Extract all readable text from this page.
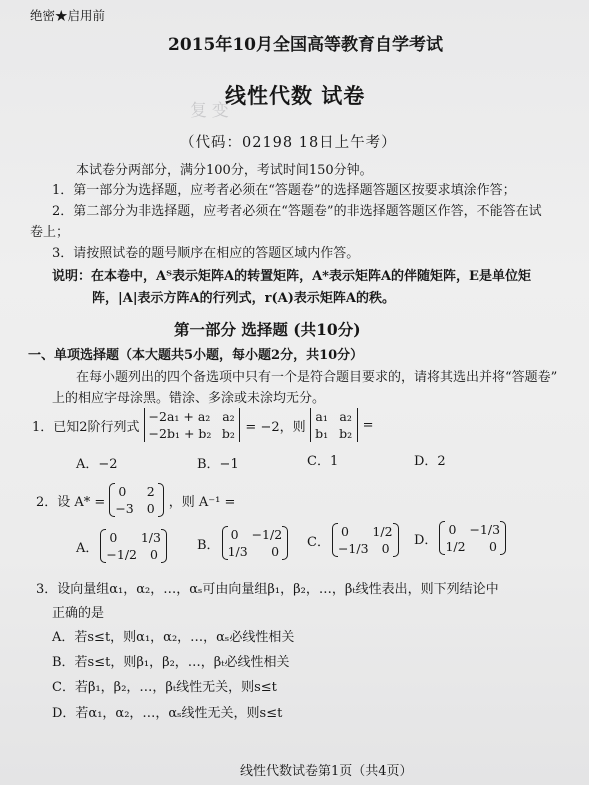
复 变
绝密★启用前
2015年10月全国高等教育自学考试
线性代数 试卷
（代码：02198 18日上午考）
本试卷分两部分，满分100分，考试时间150分钟。
1．第一部分为选择题，应考者必须在“答题卷”的选择题答题区按要求填涂作答；
2．第二部分为非选择题，应考者必须在“答题卷”的非选择题答题区作答，不能答在试
卷上；
3．请按照试卷的题号顺序在相应的答题区域内作答。
说明：在本卷中，Aᵀ表示矩阵A的转置矩阵，A*表示矩阵A的伴随矩阵，E是单位矩
阵，|A|表示方阵A的行列式，r(A)表示矩阵A的秩。
第一部分 选择题 (共10分)
一、单项选择题（本大题共5小题，每小题2分，共10分）
在每小题列出的四个备选项中只有一个是符合题目要求的，请将其选出并将“答题卷”
上的相应字母涂黑。错涂、多涂或未涂均无分。
1．已知2阶行列式
−2a₁ + a₂ a₂
−2b₁ + b₂ b₂ = −2，则
a₁ a₂
b₁ b₂
=
A．−2	B．−1	C．1	D．2
2．设 A* =
0 2
−3 0 ，则 A⁻¹ =
A．
0 1/3
−1/2 0
B．
0 −1/2
1/3 0
C．
0 1/2
−1/3 0
D．
0 −1/3
1/2 0
3．设向量组α₁，α₂，…，αₛ可由向量组β₁，β₂，…，βₜ线性表出，则下列结论中
正确的是
A．若s≤t，则α₁，α₂，…，αₛ必线性相关
B．若s≤t，则β₁，β₂，…，βₜ必线性相关
C．若β₁，β₂，…，βₜ线性无关，则s≤t
D．若α₁，α₂，…，αₛ线性无关，则s≤t
线性代数试卷第1页（共4页）
